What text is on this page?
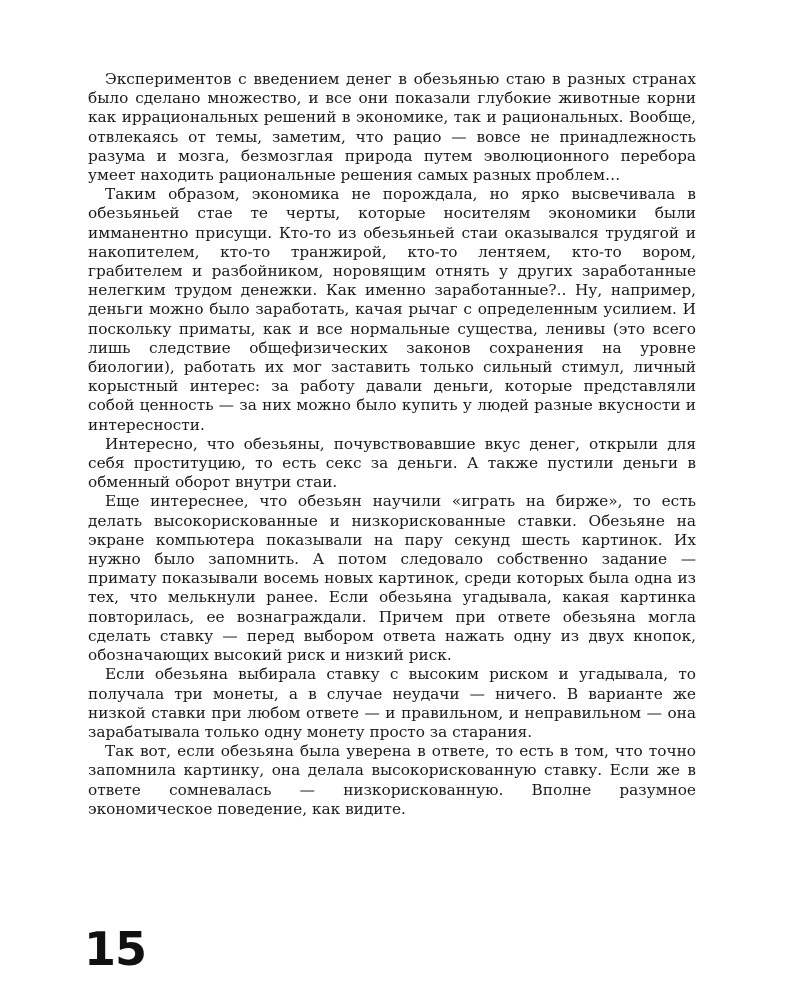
Экспериментов с введением денег в обезьянью стаю в разных странах было сделано множество, и все они показали глубокие животные корни как иррациональных решений в экономике, так и рациональных. Вообще, отвлекаясь от темы, заметим, что рацио — вовсе не принадлежность разума и мозга, безмозглая природа путем эволюционного перебора умеет находить рациональные решения самых разных проблем…

Таким образом, экономика не порождала, но ярко высвечивала в обезьяньей стае те черты, которые носителям экономики были имманентно присущи. Кто-то из обезьяньей стаи оказывался трудягой и накопителем, кто-то транжирой, кто-то лентяем, кто-то вором, грабителем и разбойником, норовящим отнять у других заработанные нелегким трудом денежки. Как именно заработанные?.. Ну, например, деньги можно было заработать, качая рычаг с определенным усилием. И поскольку приматы, как и все нормальные существа, ленивы (это всего лишь следствие общефизических законов сохранения на уровне биологии), работать их мог заставить только сильный стимул, личный корыстный интерес: за работу давали деньги, которые представляли собой ценность — за них можно было купить у людей разные вкусности и интересности.

Интересно, что обезьяны, почувствовавшие вкус денег, открыли для себя проституцию, то есть секс за деньги. А также пустили деньги в обменный оборот внутри стаи.

Еще интереснее, что обезьян научили «играть на бирже», то есть делать высокорискованные и низкорискованные ставки. Обезьяне на экране компьютера показывали на пару секунд шесть картинок. Их нужно было запомнить. А потом следовало собственно задание — примату показывали восемь новых картинок, среди которых была одна из тех, что мелькнули ранее. Если обезьяна угадывала, какая картинка повторилась, ее вознаграждали. Причем при ответе обезьяна могла сделать ставку — перед выбором ответа нажать одну из двух кнопок, обозначающих высокий риск и низкий риск.

Если обезьяна выбирала ставку с высоким риском и угадывала, то получала три монеты, а в случае неудачи — ничего. В варианте же низкой ставки при любом ответе — и правильном, и неправильном — она зарабатывала только одну монету просто за старания.

Так вот, если обезьяна была уверена в ответе, то есть в том, что точно запомнила картинку, она делала высокорискованную ставку. Если же в ответе сомневалась — низкорискованную. Вполне разумное экономическое поведение, как видите.

15
